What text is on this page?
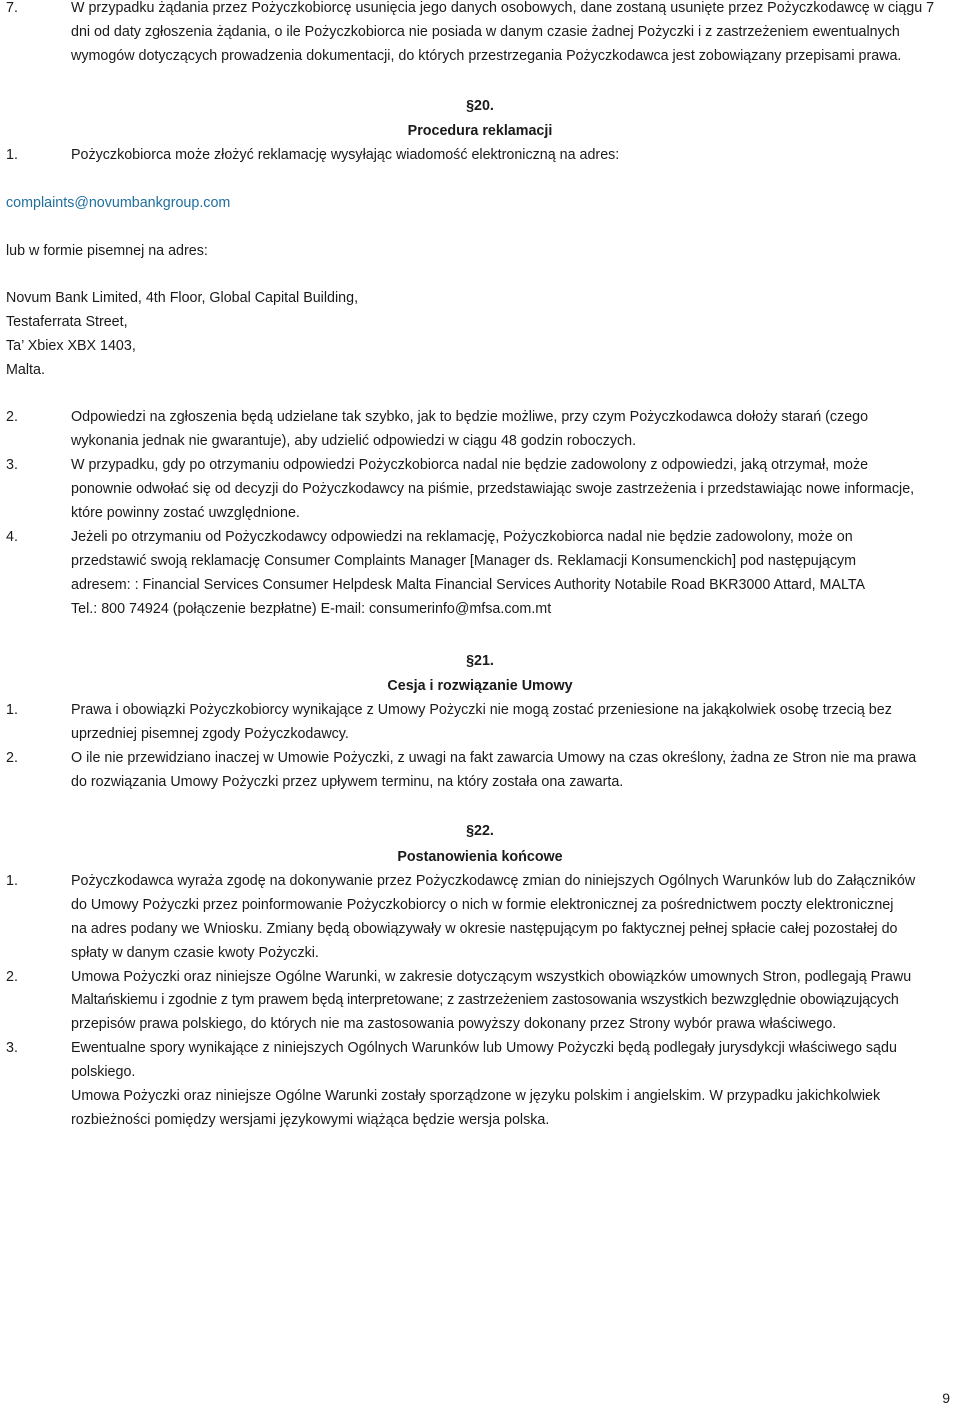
7.	W przypadku żądania przez Pożyczkobiorcę usunięcia jego danych osobowych, dane zostaną usunięte przez Pożyczkodawcę w ciągu 7
dni od daty zgłoszenia żądania, o ile Pożyczkobiorca nie posiada w danym czasie żadnej Pożyczki i z zastrzeżeniem ewentualnych
wymogów dotyczących prowadzenia dokumentacji, do których przestrzegania Pożyczkodawca jest zobowiązany przepisami prawa.
§20.
Procedura reklamacji
1.	Pożyczkobiorca może złożyć reklamację wysyłając wiadomość elektroniczną na adres:
complaints@novumbankgroup.com
lub w formie pisemnej na adres:
Novum Bank Limited, 4th Floor, Global Capital Building,
Testaferrata Street,
Ta’ Xbiex XBX 1403,
Malta.
2.	Odpowiedzi na zgłoszenia będą udzielane tak szybko, jak to będzie możliwe, przy czym Pożyczkodawca dołoży starań (czego
wykonania jednak nie gwarantuje), aby udzielić odpowiedzi w ciągu 48 godzin roboczych.
3.	W przypadku, gdy po otrzymaniu odpowiedzi Pożyczkobiorca nadal nie będzie zadowolony z odpowiedzi, jaką otrzymał, może
ponownie odwołać się od decyzji do Pożyczkodawcy na piśmie, przedstawiając swoje zastrzeżenia i przedstawiając nowe informacje,
które powinny zostać uwzględnione.
4.	Jeżeli po otrzymaniu od Pożyczkodawcy odpowiedzi na reklamację, Pożyczkobiorca nadal nie będzie zadowolony, może on
przedstawić swoją reklamację Consumer Complaints Manager [Manager ds. Reklamacji Konsumenckich] pod następującym
adresem: : Financial Services Consumer Helpdesk Malta Financial Services Authority Notabile Road BKR3000 Attard, MALTA
Tel.: 800 74924 (połączenie bezpłatne) E-mail: consumerinfo@mfsa.com.mt
§21.
Cesja i rozwiązanie Umowy
1.	Prawa i obowiązki Pożyczkobiorcy wynikające z Umowy Pożyczki nie mogą zostać przeniesione na jakąkolwiek osobę trzecią bez
uprzedniej pisemnej zgody Pożyczkodawcy.
2.	O ile nie przewidziano inaczej w Umowie Pożyczki, z uwagi na fakt zawarcia Umowy na czas określony, żadna ze Stron nie ma prawa
do rozwiązania Umowy Pożyczki przez upływem terminu, na który została ona zawarta.
§22.
Postanowienia końcowe
1.	Pożyczkodawca wyraża zgodę na dokonywanie przez Pożyczkodawcę zmian do niniejszych Ogólnych Warunków lub do Załączników
do Umowy Pożyczki przez poinformowanie Pożyczkobiorcy o nich w formie elektronicznej za pośrednictwem poczty elektronicznej
na adres podany we Wniosku. Zmiany będą obowiązywały w okresie następującym po faktycznej pełnej spłacie całej pozostałej do
spłaty w danym czasie kwoty Pożyczki.
2.	Umowa Pożyczki oraz niniejsze Ogólne Warunki, w zakresie dotyczącym wszystkich obowiązków umownych Stron, podlegają Prawu
Maltańskiemu i zgodnie z tym prawem będą interpretowane; z zastrzeżeniem zastosowania wszystkich bezwzględnie obowiązujących
przepisów prawa polskiego, do których nie ma zastosowania powyższy dokonany przez Strony wybór prawa właściwego.
3.	Ewentualne spory wynikające z niniejszych Ogólnych Warunków lub Umowy Pożyczki będą podlegały jurysdykcji właściwego sądu
polskiego.
Umowa Pożyczki oraz niniejsze Ogólne Warunki zostały sporządzone w języku polskim i angielskim. W przypadku jakichkolwiek
rozbieżności pomiędzy wersjami językowymi wiążąca będzie wersja polska.
9
